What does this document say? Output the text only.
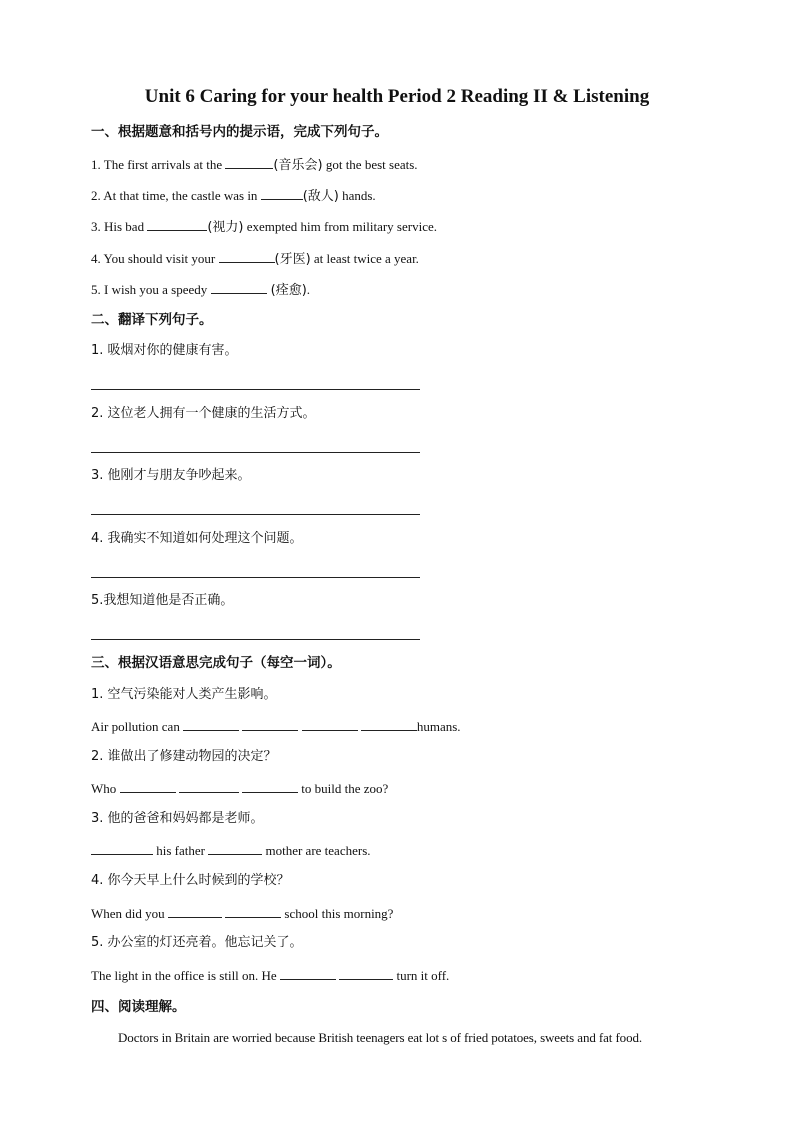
Unit 6 Caring for your health Period 2 Reading II & Listening
一、根据题意和括号内的提示语，完成下列句子。
1. The first arrivals at the	(音乐会) got the best seats.
2. At that time, the castle was in	(敌人) hands.
3. His bad	(视力) exempted him from military service.
4. You should visit your	(牙医) at least twice a year.
5. I wish you a speedy	(痊愈).
二、翻译下列句子。
1. 吸烟对你的健康有害。
2. 这位老人拥有一个健康的生活方式。
3. 他刚才与朋友争吵起来。
4. 我确实不知道如何处理这个问题。
5.我想知道他是否正确。
三、根据汉语意思完成句子（每空一词）。
1. 空气污染能对人类产生影响。
Air pollution can	humans.
2. 谁做出了修建动物园的决定？
Who	to build the zoo?
3. 他的爸爸和妈妈都是老师。
his father	mother are teachers.
4. 你今天早上什么时候到的学校？
When did you	school this morning?
5. 办公室的灯还亮着。他忘记关了。
The light in the office is still on. He	turn it off.
四、阅读理解。
Doctors in Britain are worried because British teenagers eat lot s of fried potatoes, sweets and fat food.
